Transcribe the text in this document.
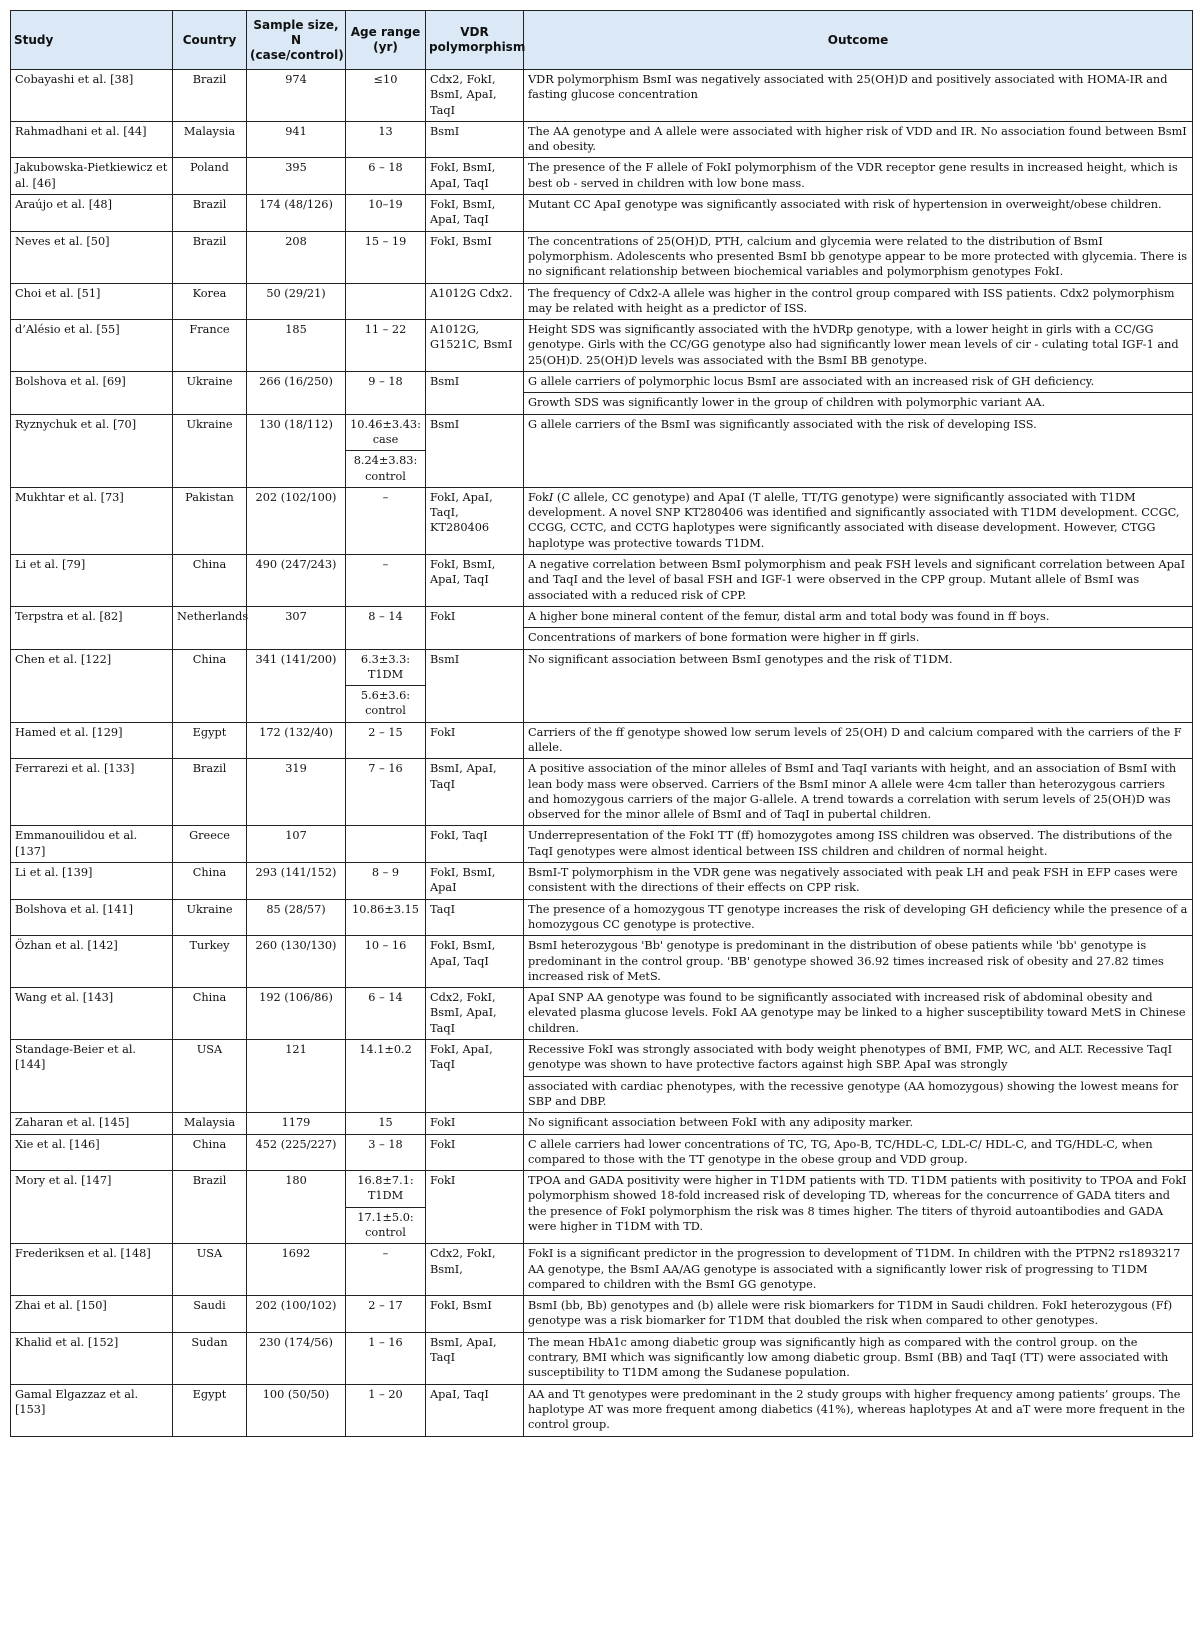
Study	Country	Sample size, N (case/control)	Age range (yr)	VDR polymorphism	Outcome
Cobayashi et al. [38]	Brazil	974	≤10	Cdx2, FokI, BsmI, ApaI, TaqI	VDR polymorphism BsmI was negatively associated with 25(OH)D and positively associated with HOMA-IR and fasting glucose concentration
Rahmadhani et al. [44]	Malaysia	941	13	BsmI	The AA genotype and A allele were associated with higher risk of VDD and IR. No association found between BsmI and obesity.
Jakubowska-Pietkiewicz et al. [46]	Poland	395	6 – 18	FokI, BsmI, ApaI, TaqI	The presence of the F allele of FokI polymorphism of the VDR receptor gene results in increased height, which is best ob - served in children with low bone mass.
Araújo et al. [48]	Brazil	174 (48/126)	10–19	FokI, BsmI, ApaI, TaqI	Mutant CC ApaI genotype was significantly associated with risk of hypertension in overweight/obese children.
Neves et al. [50]	Brazil	208	15 – 19	FokI, BsmI	The concentrations of 25(OH)D, PTH, calcium and glycemia were related to the distribution of BsmI polymorphism. Adolescents who presented BsmI bb genotype appear to be more protected with glycemia. There is no significant relationship between biochemical variables and polymorphism genotypes FokI.
Choi et al. [51]	Korea	50 (29/21)		A1012G Cdx2.	The frequency of Cdx2-A allele was higher in the control group compared with ISS patients. Cdx2 polymorphism may be related with height as a predictor of ISS.
d’Alésio et al. [55]	France	185	11 – 22	A1012G, G1521C, BsmI	Height SDS was significantly associated with the hVDRp genotype, with a lower height in girls with a CC/GG genotype. Girls with the CC/GG genotype also had significantly lower mean levels of cir - culating total IGF-1 and 25(OH)D. 25(OH)D levels was associated with the BsmI BB genotype.
Bolshova et al. [69]	Ukraine	266 (16/250)	9 – 18	BsmI	G allele carriers of polymorphic locus BsmI are associated with an increased risk of GH deficiency.
					Growth SDS was significantly lower in the group of children with polymorphic variant AA.
Ryznychuk et al. [70]	Ukraine	130 (18/112)	10.46±3.43: case	BsmI	G allele carriers of the BsmI was significantly associated with the risk of developing ISS.
			8.24±3.83: control		
Mukhtar et al. [73]	Pakistan	202 (102/100)	–	FokI, ApaI, TaqI, KT280406	FokI (C allele, CC genotype) and ApaI (T alelle, TT/TG genotype) were significantly associated with T1DM development. A novel SNP KT280406 was identified and significantly associated with T1DM development. CCGC, CCGG, CCTC, and CCTG haplotypes were significantly associated with disease development. However, CTGG haplotype was protective towards T1DM.
Li et al. [79]	China	490 (247/243)	–	FokI, BsmI, ApaI, TaqI	A negative correlation between BsmI polymorphism and peak FSH levels and significant correlation between ApaI and TaqI and the level of basal FSH and IGF-1 were observed in the CPP group. Mutant allele of BsmI was associated with a reduced risk of CPP.
Terpstra et al. [82]	Netherlands	307	8 – 14	FokI	A higher bone mineral content of the femur, distal arm and total body was found in ff boys.
					Concentrations of markers of bone formation were higher in ff girls.
Chen et al. [122]	China	341 (141/200)	6.3±3.3: T1DM	BsmI	No significant association between BsmI genotypes and the risk of T1DM.
			5.6±3.6: control		
Hamed et al. [129]	Egypt	172 (132/40)	2 – 15	FokI	Carriers of the ff genotype showed low serum levels of 25(OH) D and calcium compared with the carriers of the F allele.
Ferrarezi et al. [133]	Brazil	319	7 – 16	BsmI, ApaI, TaqI	A positive association of the minor alleles of BsmI and TaqI variants with height, and an association of BsmI with lean body mass were observed. Carriers of the BsmI minor A allele were 4cm taller than heterozygous carriers and homozygous carriers of the major G-allele. A trend towards a correlation with serum levels of 25(OH)D was observed for the minor allele of BsmI and of TaqI in pubertal children.
Emmanouilidou et al. [137]	Greece	107		FokI, TaqI	Underrepresentation of the FokI TT (ff) homozygotes among ISS children was observed. The distributions of the TaqI genotypes were almost identical between ISS children and children of normal height.
Li et al. [139]	China	293 (141/152)	8 – 9	FokI, BsmI, ApaI	BsmI-T polymorphism in the VDR gene was negatively associated with peak LH and peak FSH in EFP cases were consistent with the directions of their effects on CPP risk.
Bolshova et al. [141]	Ukraine	85 (28/57)	10.86±3.15	TaqI	The presence of a homozygous TT genotype increases the risk of developing GH deficiency while the presence of a homozygous CC genotype is protective.
Özhan et al. [142]	Turkey	260 (130/130)	10 – 16	FokI, BsmI, ApaI, TaqI	BsmI heterozygous 'Bb' genotype is predominant in the distribution of obese patients while 'bb' genotype is predominant in the control group. 'BB' genotype showed 36.92 times increased risk of obesity and 27.82 times increased risk of MetS.
Wang et al. [143]	China	192 (106/86)	6 – 14	Cdx2, FokI, BsmI, ApaI, TaqI	ApaI SNP AA genotype was found to be significantly associated with increased risk of abdominal obesity and elevated plasma glucose levels. FokI AA genotype may be linked to a higher susceptibility toward MetS in Chinese children.
Standage-Beier et al. [144]	USA	121	14.1±0.2	FokI, ApaI, TaqI	Recessive FokI was strongly associated with body weight phenotypes of BMI, FMP, WC, and ALT. Recessive TaqI genotype was shown to have protective factors against high SBP. ApaI was strongly
					associated with cardiac phenotypes, with the recessive genotype (AA homozygous) showing the lowest means for SBP and DBP.
Zaharan et al. [145]	Malaysia	1179	15	FokI	No significant association between FokI with any adiposity marker.
Xie et al. [146]	China	452 (225/227)	3 – 18	FokI	C allele carriers had lower concentrations of TC, TG, Apo-B, TC/HDL-C, LDL-C/ HDL-C, and TG/HDL-C, when compared to those with the TT genotype in the obese group and VDD group.
Mory et al. [147]	Brazil	180	16.8±7.1: T1DM	FokI	TPOA and GADA positivity were higher in T1DM patients with TD. T1DM patients with positivity to TPOA and FokI polymorphism showed 18-fold increased risk of developing TD, whereas for the concurrence of GADA titers and the presence of FokI polymorphism the risk was 8 times higher. The titers of thyroid autoantibodies and GADA were higher in T1DM with TD.
			17.1±5.0: control		
Frederiksen et al. [148]	USA	1692	–	Cdx2, FokI, BsmI,	FokI is a significant predictor in the progression to development of T1DM. In children with the PTPN2 rs1893217 AA genotype, the BsmI AA/AG genotype is associated with a significantly lower risk of progressing to T1DM compared to children with the BsmI GG genotype.
Zhai et al. [150]	Saudi	202 (100/102)	2 – 17	FokI, BsmI	BsmI (bb, Bb) genotypes and (b) allele were risk biomarkers for T1DM in Saudi children. FokI heterozygous (Ff) genotype was a risk biomarker for T1DM that doubled the risk when compared to other genotypes.
Khalid et al. [152]	Sudan	230 (174/56)	1 – 16	BsmI, ApaI, TaqI	The mean HbA1c among diabetic group was significantly high as compared with the control group. on the contrary, BMI which was significantly low among diabetic group. BsmI (BB) and TaqI (TT) were associated with susceptibility to T1DM among the Sudanese population.
Gamal Elgazzaz et al. [153]	Egypt	100 (50/50)	1 – 20	ApaI, TaqI	AA and Tt genotypes were predominant in the 2 study groups with higher frequency among patients’ groups. The haplotype AT was more frequent among diabetics (41%), whereas haplotypes At and aT were more frequent in the control group.
